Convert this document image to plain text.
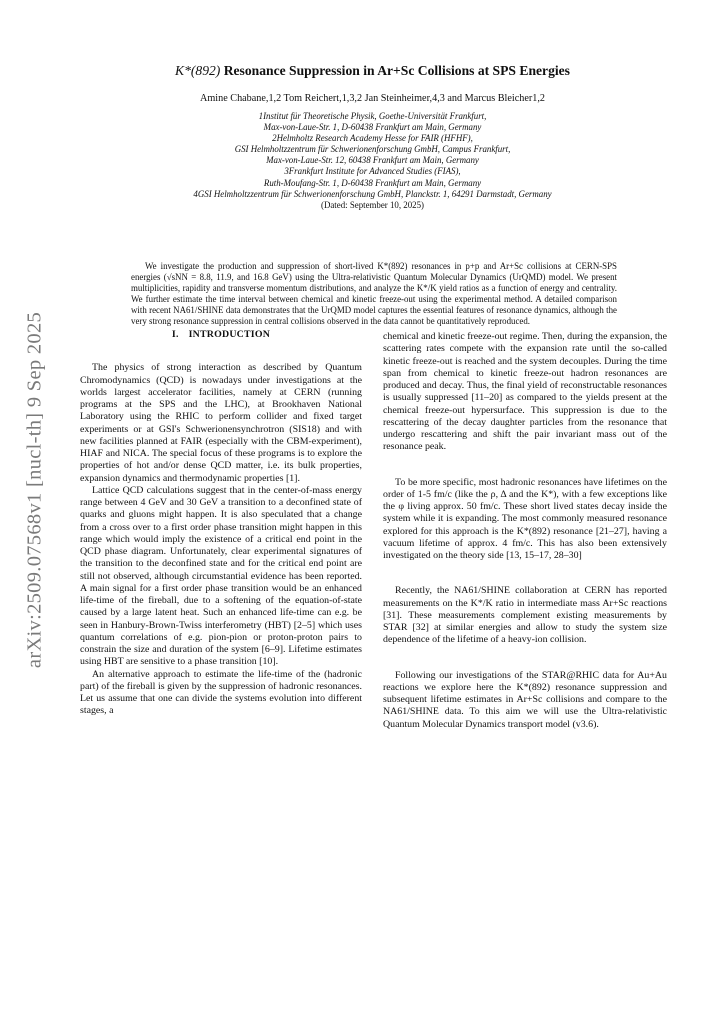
arXiv:2509.07568v1 [nucl-th] 9 Sep 2025
K*(892) Resonance Suppression in Ar+Sc Collisions at SPS Energies
Amine Chabane,1,2 Tom Reichert,1,3,2 Jan Steinheimer,4,3 and Marcus Bleicher1,2
1Institut für Theoretische Physik, Goethe-Universität Frankfurt,
Max-von-Laue-Str. 1, D-60438 Frankfurt am Main, Germany
2Helmholtz Research Academy Hesse for FAIR (HFHF),
GSI Helmholtzzentrum für Schwerionenforschung GmbH, Campus Frankfurt,
Max-von-Laue-Str. 12, 60438 Frankfurt am Main, Germany
3Frankfurt Institute for Advanced Studies (FIAS),
Ruth-Moufang-Str. 1, D-60438 Frankfurt am Main, Germany
4GSI Helmholtzzentrum für Schwerionenforschung GmbH, Planckstr. 1, 64291 Darmstadt, Germany
(Dated: September 10, 2025)
We investigate the production and suppression of short-lived K*(892) resonances in p+p and Ar+Sc collisions at CERN-SPS energies (√sNN = 8.8, 11.9, and 16.8 GeV) using the Ultra-relativistic Quantum Molecular Dynamics (UrQMD) model. We present multiplicities, rapidity and transverse momentum distributions, and analyze the K*/K yield ratios as a function of energy and centrality. We further estimate the time interval between chemical and kinetic freeze-out using the experimental method. A detailed comparison with recent NA61/SHINE data demonstrates that the UrQMD model captures the essential features of resonance dynamics, although the very strong resonance suppression in central collisions observed in the data cannot be quantitatively reproduced.
I. INTRODUCTION

The physics of strong interaction as described by Quantum Chromodynamics (QCD) is nowadays under investigations at the worlds largest accelerator facilities, namely at CERN (running programs at the SPS and the LHC), at Brookhaven National Laboratory using the RHIC to perform collider and fixed target experiments or at GSI's Schwerionensynchrotron (SIS18) and with new facilities planned at FAIR (especially with the CBM-experiment), HIAF and NICA. The special focus of these programs is to explore the properties of hot and/or dense QCD matter, i.e. its bulk properties, expansion dynamics and thermodynamic properties [1].

Lattice QCD calculations suggest that in the center-of-mass energy range between 4 GeV and 30 GeV a transition to a deconfined state of quarks and gluons might happen. It is also speculated that a change from a cross over to a first order phase transition might happen in this range which would imply the existence of a critical end point in the QCD phase diagram. Unfortunately, clear experimental signatures of the transition to the deconfined state and for the critical end point are still not observed, although circumstantial evidence has been reported. A main signal for a first order phase transition would be an enhanced life-time of the fireball, due to a softening of the equation-of-state caused by a large latent heat. Such an enhanced life-time can e.g. be seen in Hanbury-Brown-Twiss interferometry (HBT) [2–5] which uses quantum correlations of e.g. pion-pion or proton-proton pairs to constrain the size and duration of the system [6–9]. Lifetime estimates using HBT are sensitive to a phase transition [10].

An alternative approach to estimate the life-time of the (hadronic part) of the fireball is given by the suppression of hadronic resonances. Let us assume that one can divide the systems evolution into different stages, a

chemical and kinetic freeze-out regime. Then, during the expansion, the scattering rates compete with the expansion rate until the so-called kinetic freeze-out is reached and the system decouples. During the time span from chemical to kinetic freeze-out hadron resonances are produced and decay. Thus, the final yield of reconstructable resonances is usually suppressed [11–20] as compared to the yields present at the chemical freeze-out hypersurface. This suppression is due to the rescattering of the decay daughter particles from the resonance that undergo rescattering and shift the pair invariant mass out of the resonance peak.

To be more specific, most hadronic resonances have lifetimes on the order of 1-5 fm/c (like the ρ, Δ and the K*), with a few exceptions like the φ living approx. 50 fm/c. These short lived states decay inside the system while it is expanding. The most commonly measured resonance explored for this approach is the K*(892) resonance [21–27], having a vacuum lifetime of approx. 4 fm/c. This has also been extensively investigated on the theory side [13, 15–17, 28–30]

Recently, the NA61/SHINE collaboration at CERN has reported measurements on the K*/K ratio in intermediate mass Ar+Sc reactions [31]. These measurements complement existing measurements by STAR [32] at similar energies and allow to study the system size dependence of the lifetime of a heavy-ion collision.

Following our investigations of the STAR@RHIC data for Au+Au reactions we explore here the K*(892) resonance suppression and subsequent lifetime estimates in Ar+Sc collisions and compare to the NA61/SHINE data. To this aim we will use the Ultra-relativistic Quantum Molecular Dynamics transport model (v3.6).
